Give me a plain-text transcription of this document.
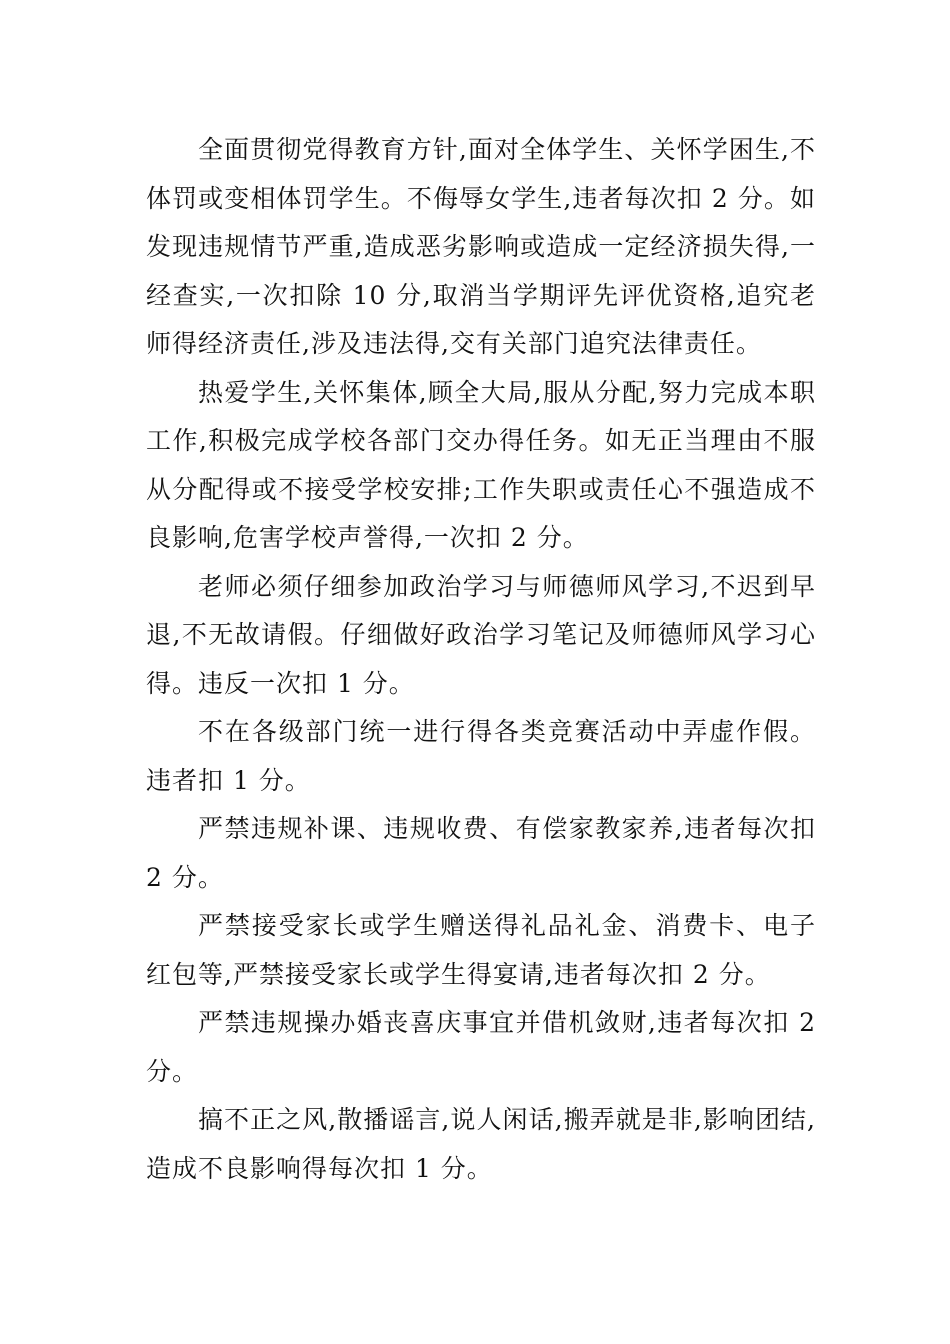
全面贯彻党得教育方针,面对全体学生、关怀学困生,不体罚或变相体罚学生。不侮辱女学生,违者每次扣 2 分。如发现违规情节严重,造成恶劣影响或造成一定经济损失得,一经查实,一次扣除 10 分,取消当学期评先评优资格,追究老师得经济责任,涉及违法得,交有关部门追究法律责任。

热爱学生,关怀集体,顾全大局,服从分配,努力完成本职工作,积极完成学校各部门交办得任务。如无正当理由不服从分配得或不接受学校安排;工作失职或责任心不强造成不良影响,危害学校声誉得,一次扣 2 分。

老师必须仔细参加政治学习与师德师风学习,不迟到早退,不无故请假。仔细做好政治学习笔记及师德师风学习心得。违反一次扣 1 分。

不在各级部门统一进行得各类竞赛活动中弄虚作假。违者扣 1 分。

严禁违规补课、违规收费、有偿家教家养,违者每次扣 2 分。

严禁接受家长或学生赠送得礼品礼金、消费卡、电子红包等,严禁接受家长或学生得宴请,违者每次扣 2 分。

严禁违规操办婚丧喜庆事宜并借机敛财,违者每次扣 2 分。

搞不正之风,散播谣言,说人闲话,搬弄就是非,影响团结,造成不良影响得每次扣 1 分。
